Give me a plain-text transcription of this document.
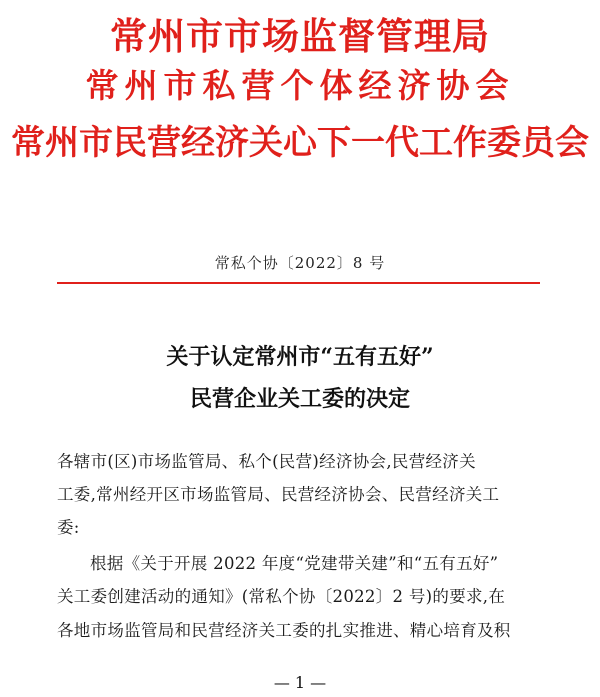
常州市市场监督管理局
常州市私营个体经济协会
常州市民营经济关心下一代工作委员会
常私个协〔2022〕8 号
关于认定常州市“五有五好”
民营企业关工委的决定
各辖市(区)市场监管局、私个(民营)经济协会,民营经济关
工委,常州经开区市场监管局、民营经济协会、民营经济关工
委:
根据《关于开展 2022 年度“党建带关建”和“五有五好”
关工委创建活动的通知》(常私个协〔2022〕2 号)的要求,在
各地市场监管局和民营经济关工委的扎实推进、精心培育及积
— 1 —
